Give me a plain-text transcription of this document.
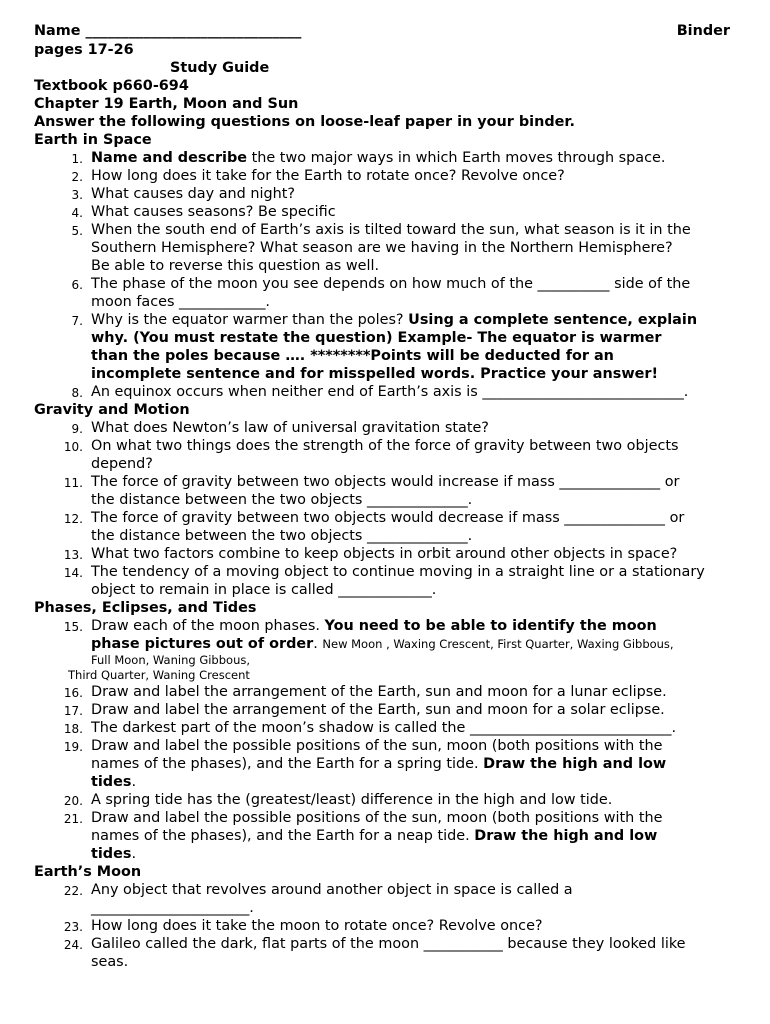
Name ______________________________	Binder
pages 17-26
Study Guide
Textbook p660-694
Chapter 19 Earth, Moon and Sun
Answer the following questions on loose-leaf paper in your binder.
Earth in Space
1. Name and describe the two major ways in which Earth moves through space.
2. How long does it take for the Earth to rotate once? Revolve once?
3. What causes day and night?
4. What causes seasons? Be specific
5. When the south end of Earth’s axis is tilted toward the sun, what season is it in the
Southern Hemisphere? What season are we having in the Northern Hemisphere?
Be able to reverse this question as well.
6. The phase of the moon you see depends on how much of the __________ side of the
moon faces ____________.
7. Why is the equator warmer than the poles? Using a complete sentence, explain
why. (You must restate the question) Example- The equator is warmer
than the poles because …. ********Points will be deducted for an
incomplete sentence and for misspelled words. Practice your answer!
8. An equinox occurs when neither end of Earth’s axis is ____________________________.
Gravity and Motion
9. What does Newton’s law of universal gravitation state?
10. On what two things does the strength of the force of gravity between two objects
depend?
11. The force of gravity between two objects would increase if mass ______________ or
the distance between the two objects ______________.
12. The force of gravity between two objects would decrease if mass ______________ or
the distance between the two objects ______________.
13. What two factors combine to keep objects in orbit around other objects in space?
14. The tendency of a moving object to continue moving in a straight line or a stationary
object to remain in place is called _____________.
Phases, Eclipses, and Tides
15. Draw each of the moon phases. You need to be able to identify the moon
phase pictures out of order. New Moon , Waxing Crescent, First Quarter, Waxing Gibbous,
Full Moon, Waning Gibbous,
Third Quarter, Waning Crescent
16. Draw and label the arrangement of the Earth, sun and moon for a lunar eclipse.
17. Draw and label the arrangement of the Earth, sun and moon for a solar eclipse.
18. The darkest part of the moon’s shadow is called the ____________________________.
19. Draw and label the possible positions of the sun, moon (both positions with the
names of the phases), and the Earth for a spring tide. Draw the high and low
tides.
20. A spring tide has the (greatest/least) difference in the high and low tide.
21. Draw and label the possible positions of the sun, moon (both positions with the
names of the phases), and the Earth for a neap tide. Draw the high and low
tides.
Earth’s Moon
22. Any object that revolves around another object in space is called a
______________________.
23. How long does it take the moon to rotate once? Revolve once?
24. Galileo called the dark, flat parts of the moon ___________ because they looked like
seas.
